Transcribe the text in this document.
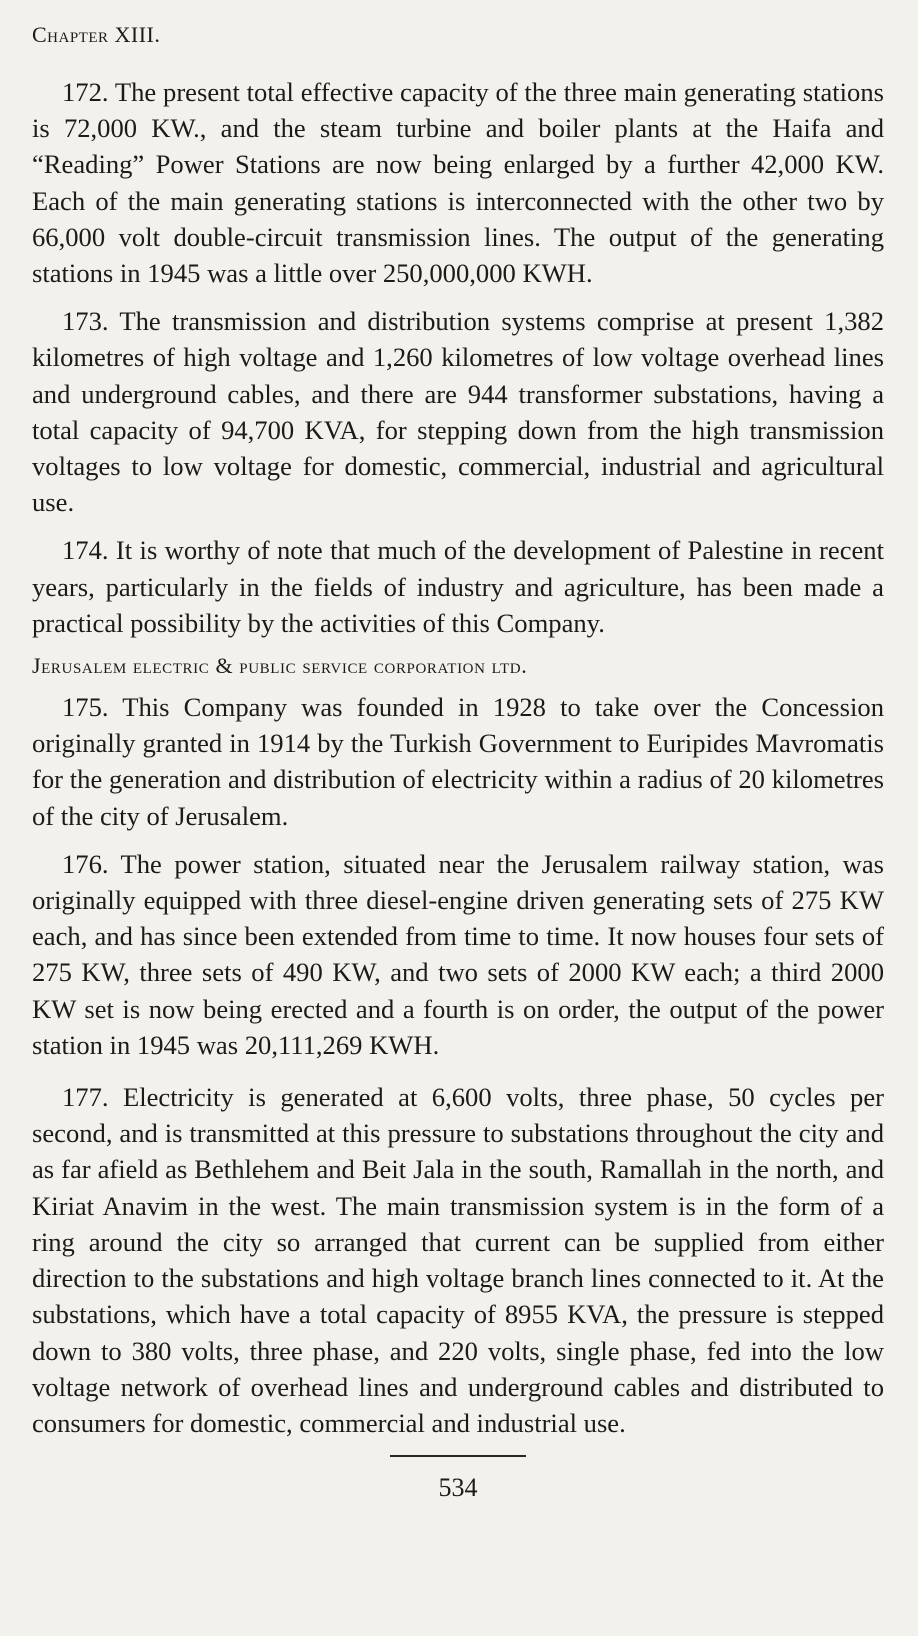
Chapter XIII.

172. The present total effective capacity of the three main generating stations is 72,000 KW., and the steam turbine and boiler plants at the Haifa and “Reading” Power Stations are now being enlarged by a further 42,000 KW. Each of the main generating stations is interconnected with the other two by 66,000 volt double-circuit transmission lines. The output of the generating stations in 1945 was a little over 250,000,000 KWH.

173. The transmission and distribution systems comprise at present 1,382 kilometres of high voltage and 1,260 kilometres of low voltage overhead lines and underground cables, and there are 944 transformer substations, having a total capacity of 94,700 KVA, for stepping down from the high transmission voltages to low voltage for domestic, commercial, industrial and agricultural use.

174. It is worthy of note that much of the development of Palestine in recent years, particularly in the fields of industry and agriculture, has been made a practical possibility by the activities of this Company.

Jerusalem electric & public service corporation ltd.

175. This Company was founded in 1928 to take over the Concession originally granted in 1914 by the Turkish Government to Euripides Mavromatis for the generation and distribution of electricity within a radius of 20 kilometres of the city of Jerusalem.

176. The power station, situated near the Jerusalem railway station, was originally equipped with three diesel-engine driven generating sets of 275 KW each, and has since been extended from time to time. It now houses four sets of 275 KW, three sets of 490 KW, and two sets of 2000 KW each; a third 2000 KW set is now being erected and a fourth is on order, the output of the power station in 1945 was 20,111,269 KWH.

177. Electricity is generated at 6,600 volts, three phase, 50 cycles per second, and is transmitted at this pressure to substations throughout the city and as far afield as Bethlehem and Beit Jala in the south, Ramallah in the north, and Kiriat Anavim in the west. The main transmission system is in the form of a ring around the city so arranged that current can be supplied from either direction to the substations and high voltage branch lines connected to it. At the substations, which have a total capacity of 8955 KVA, the pressure is stepped down to 380 volts, three phase, and 220 volts, single phase, fed into the low voltage network of overhead lines and underground cables and distributed to consumers for domestic, commercial and industrial use.

534
